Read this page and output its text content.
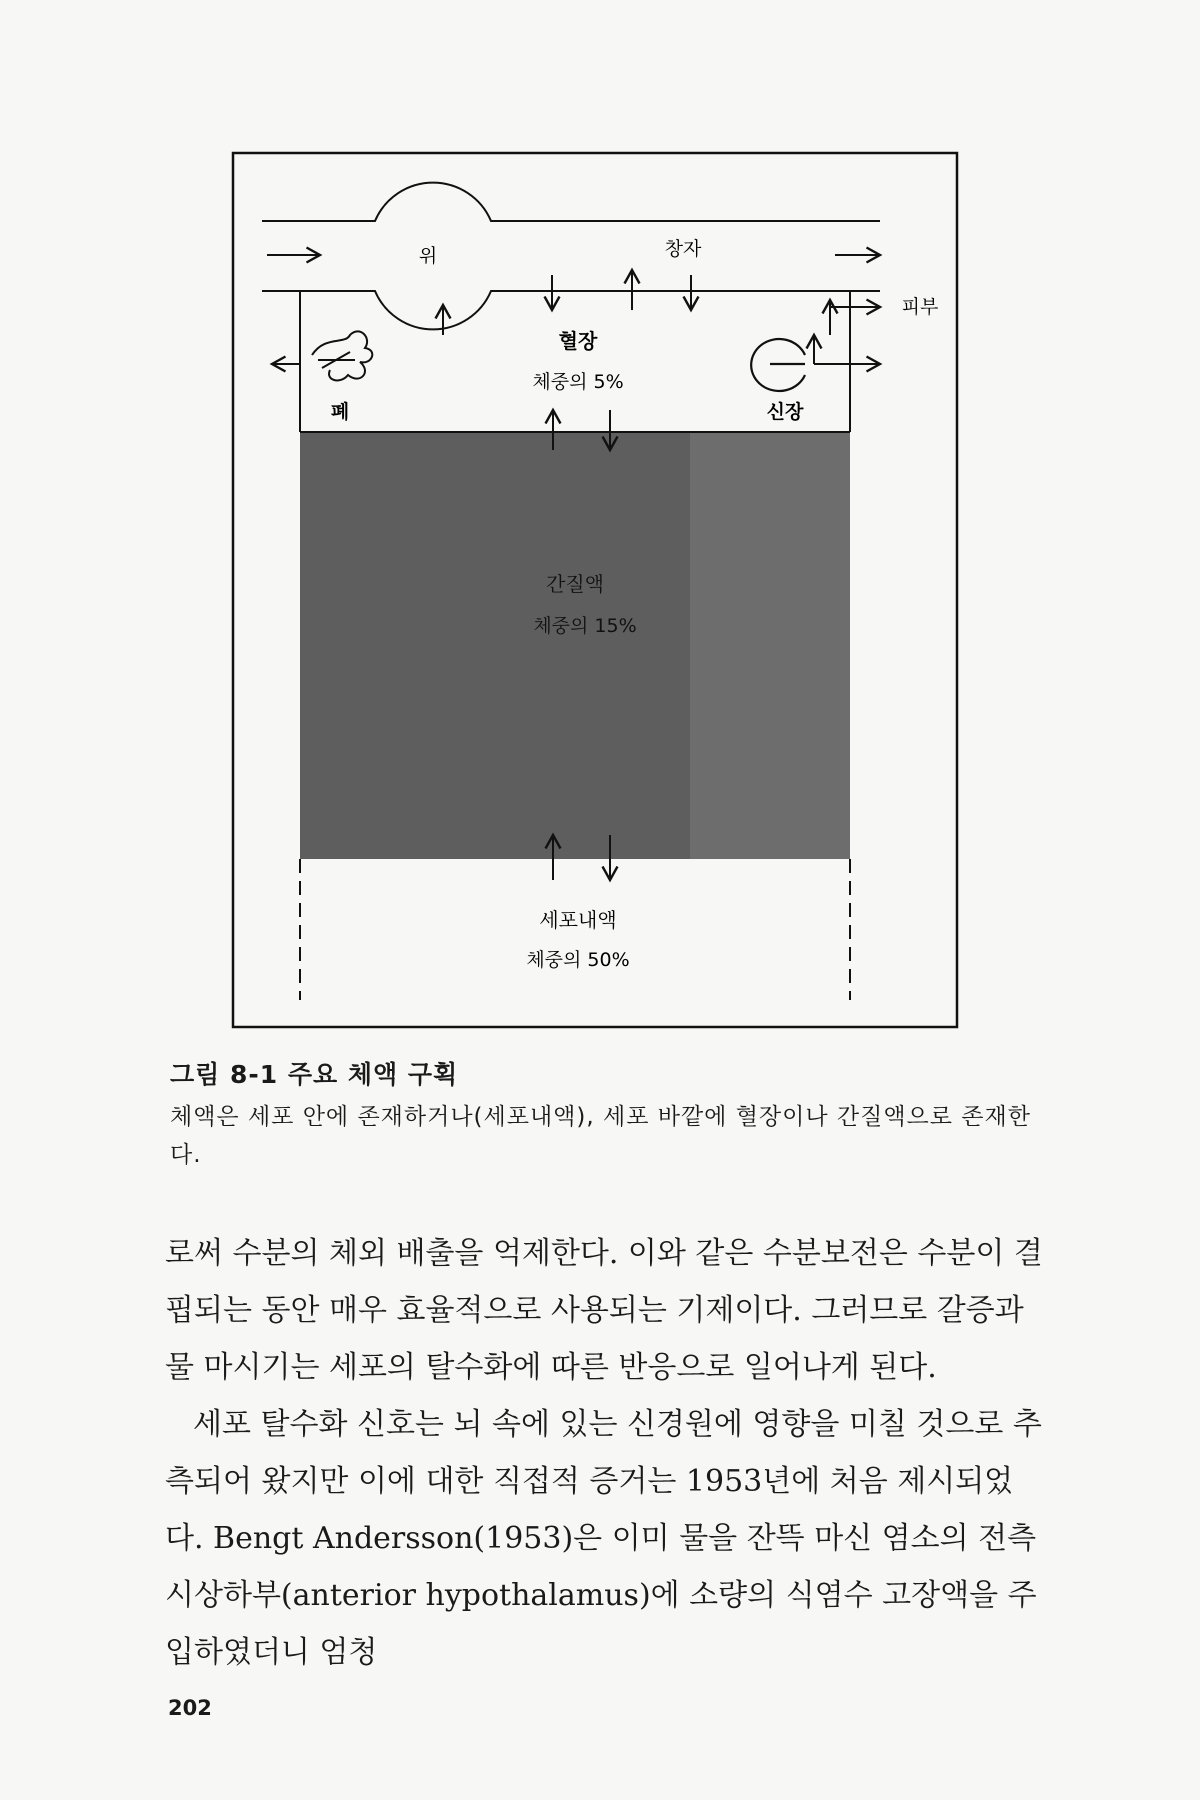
위	창자
폐
혈장
체중의 5%
피부
신장
간질액
체중의 15%
세포내액
체중의 50%
그림 8-1 주요 체액 구획
체액은 세포 안에 존재하거나(세포내액), 세포 바깥에 혈장이나 간질액으로 존재한다.

로써 수분의 체외 배출을 억제한다. 이와 같은 수분보전은 수분이 결핍되는 동안 매우 효율적으로 사용되는 기제이다. 그러므로 갈증과 물 마시기는 세포의 탈수화에 따른 반응으로 일어나게 된다.

세포 탈수화 신호는 뇌 속에 있는 신경원에 영향을 미칠 것으로 추측되어 왔지만 이에 대한 직접적 증거는 1953년에 처음 제시되었다. Bengt Andersson(1953)은 이미 물을 잔뜩 마신 염소의 전측 시상하부(anterior hypothalamus)에 소량의 식염수 고장액을 주입하였더니 엄청

202
